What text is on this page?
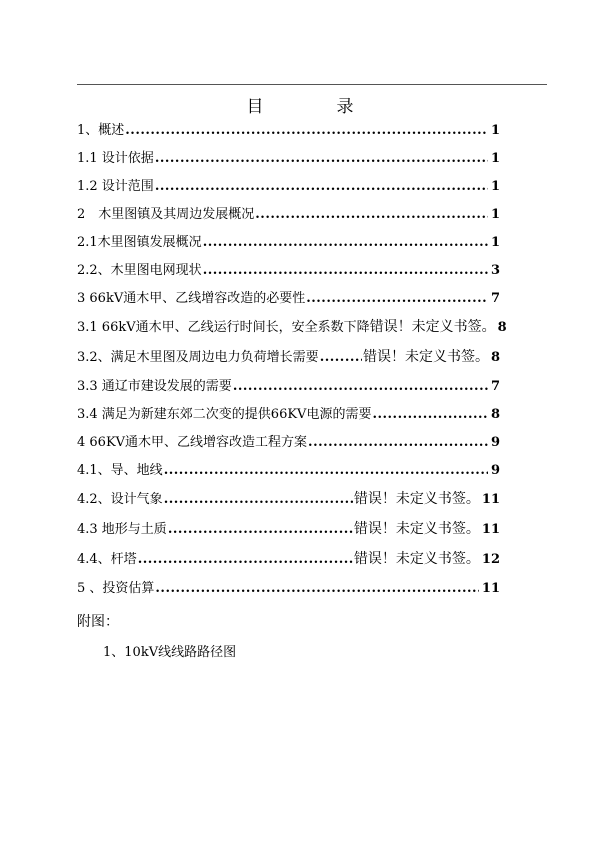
目　录
1、概述 .....	1
1.1 设计依据 .....	1
1.2 设计范围 .....	1
2　木里图镇及其周边发展概况 .....	1
2.1木里图镇发展概况 .....	1
2.2、木里图电网现状 .....	3
3 66kV通木甲、乙线增容改造的必要性 .....	7
3.1 66kV通木甲、乙线运行时间长，安全系数下降 错误！未定义书签。 8
3.2、满足木里图及周边电力负荷增长需要 .....	错误！未定义书签。 8
3.3 通辽市建设发展的需要 .....	7
3.4 满足为新建东郊二次变的提供66KV电源的需要 .....	8
4 66KV通木甲、乙线增容改造工程方案 .....	9
4.1、导、地线 .....	9
4.2、设计气象 .....	错误！未定义书签。 11
4.3 地形与土质 .....	错误！未定义书签。 11
4.4、杆塔 .....	错误！未定义书签。 12
5 、投资估算 .....	11
附图：
1、10kV线线路路径图
